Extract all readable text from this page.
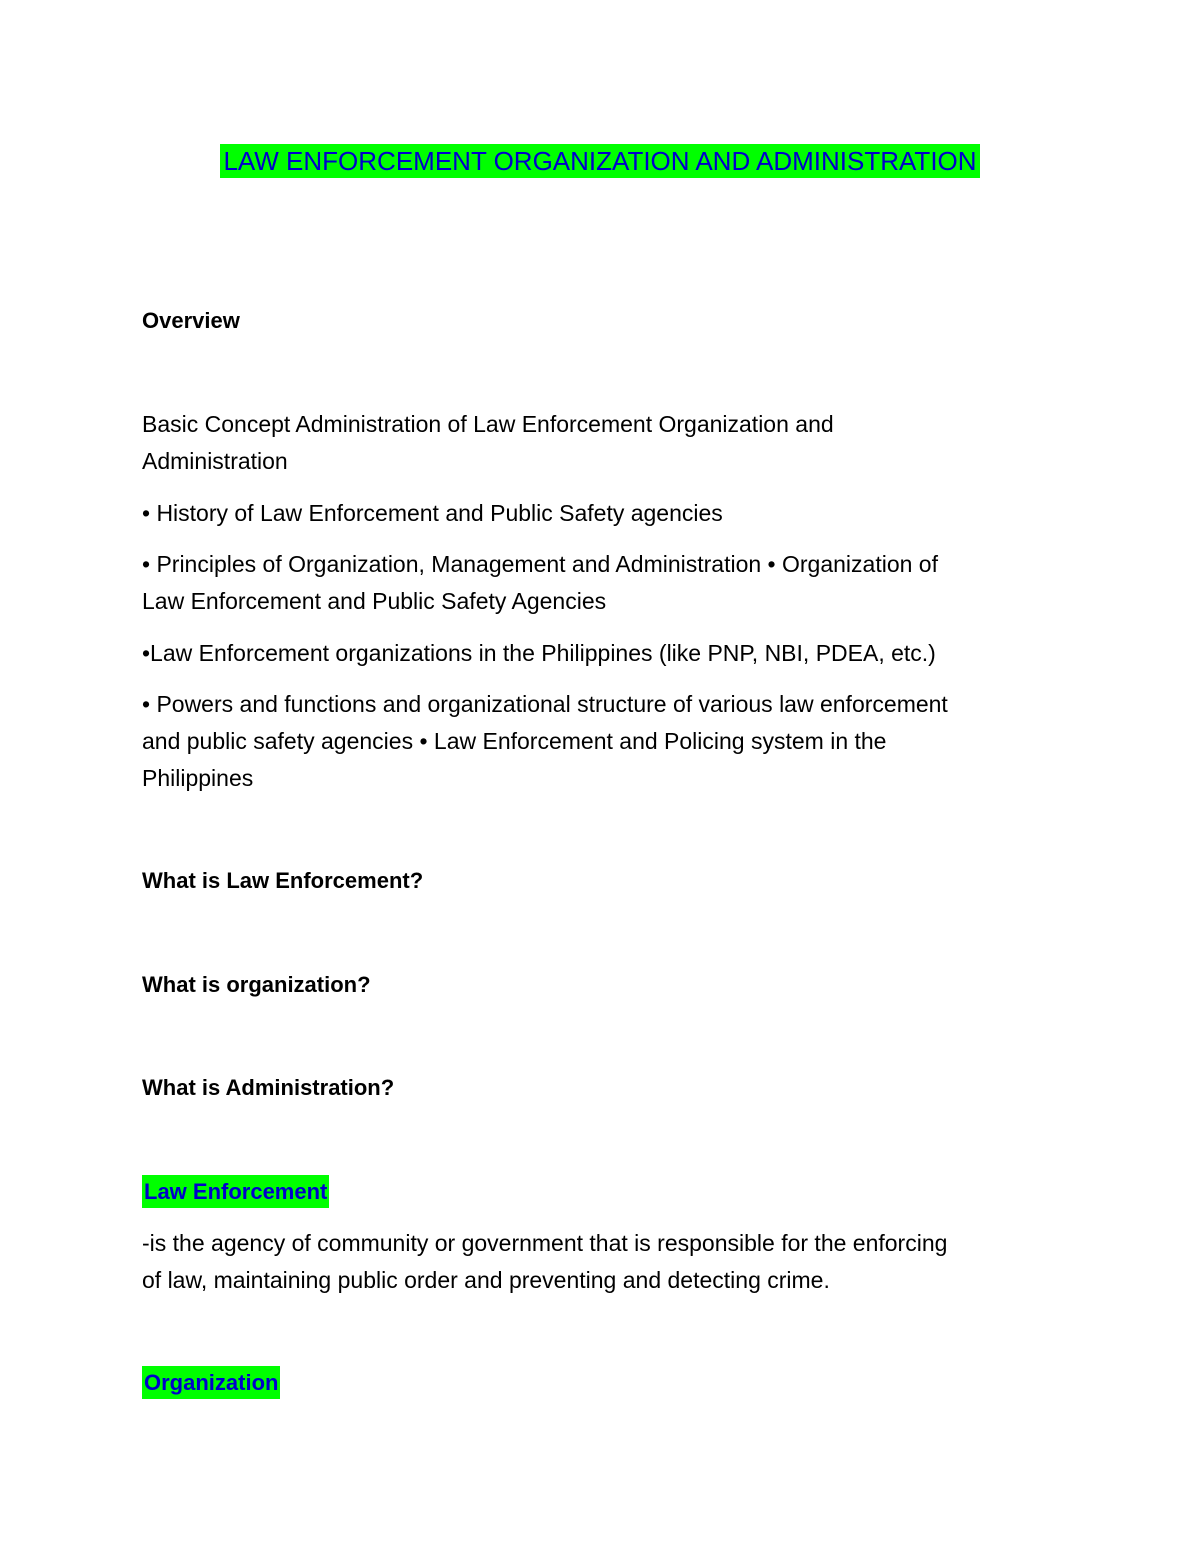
LAW ENFORCEMENT ORGANIZATION AND ADMINISTRATION
Overview
Basic Concept Administration of Law Enforcement Organization and
Administration
• History of Law Enforcement and Public Safety agencies
• Principles of Organization, Management and Administration • Organization of
Law Enforcement and Public Safety Agencies
•Law Enforcement organizations in the Philippines (like PNP, NBI, PDEA, etc.)
• Powers and functions and organizational structure of various law enforcement
and public safety agencies • Law Enforcement and Policing system in the
Philippines
What is Law Enforcement?
What is organization?
What is Administration?
Law Enforcement
-is the agency of community or government that is responsible for the enforcing
of law, maintaining public order and preventing and detecting crime.
Organization
